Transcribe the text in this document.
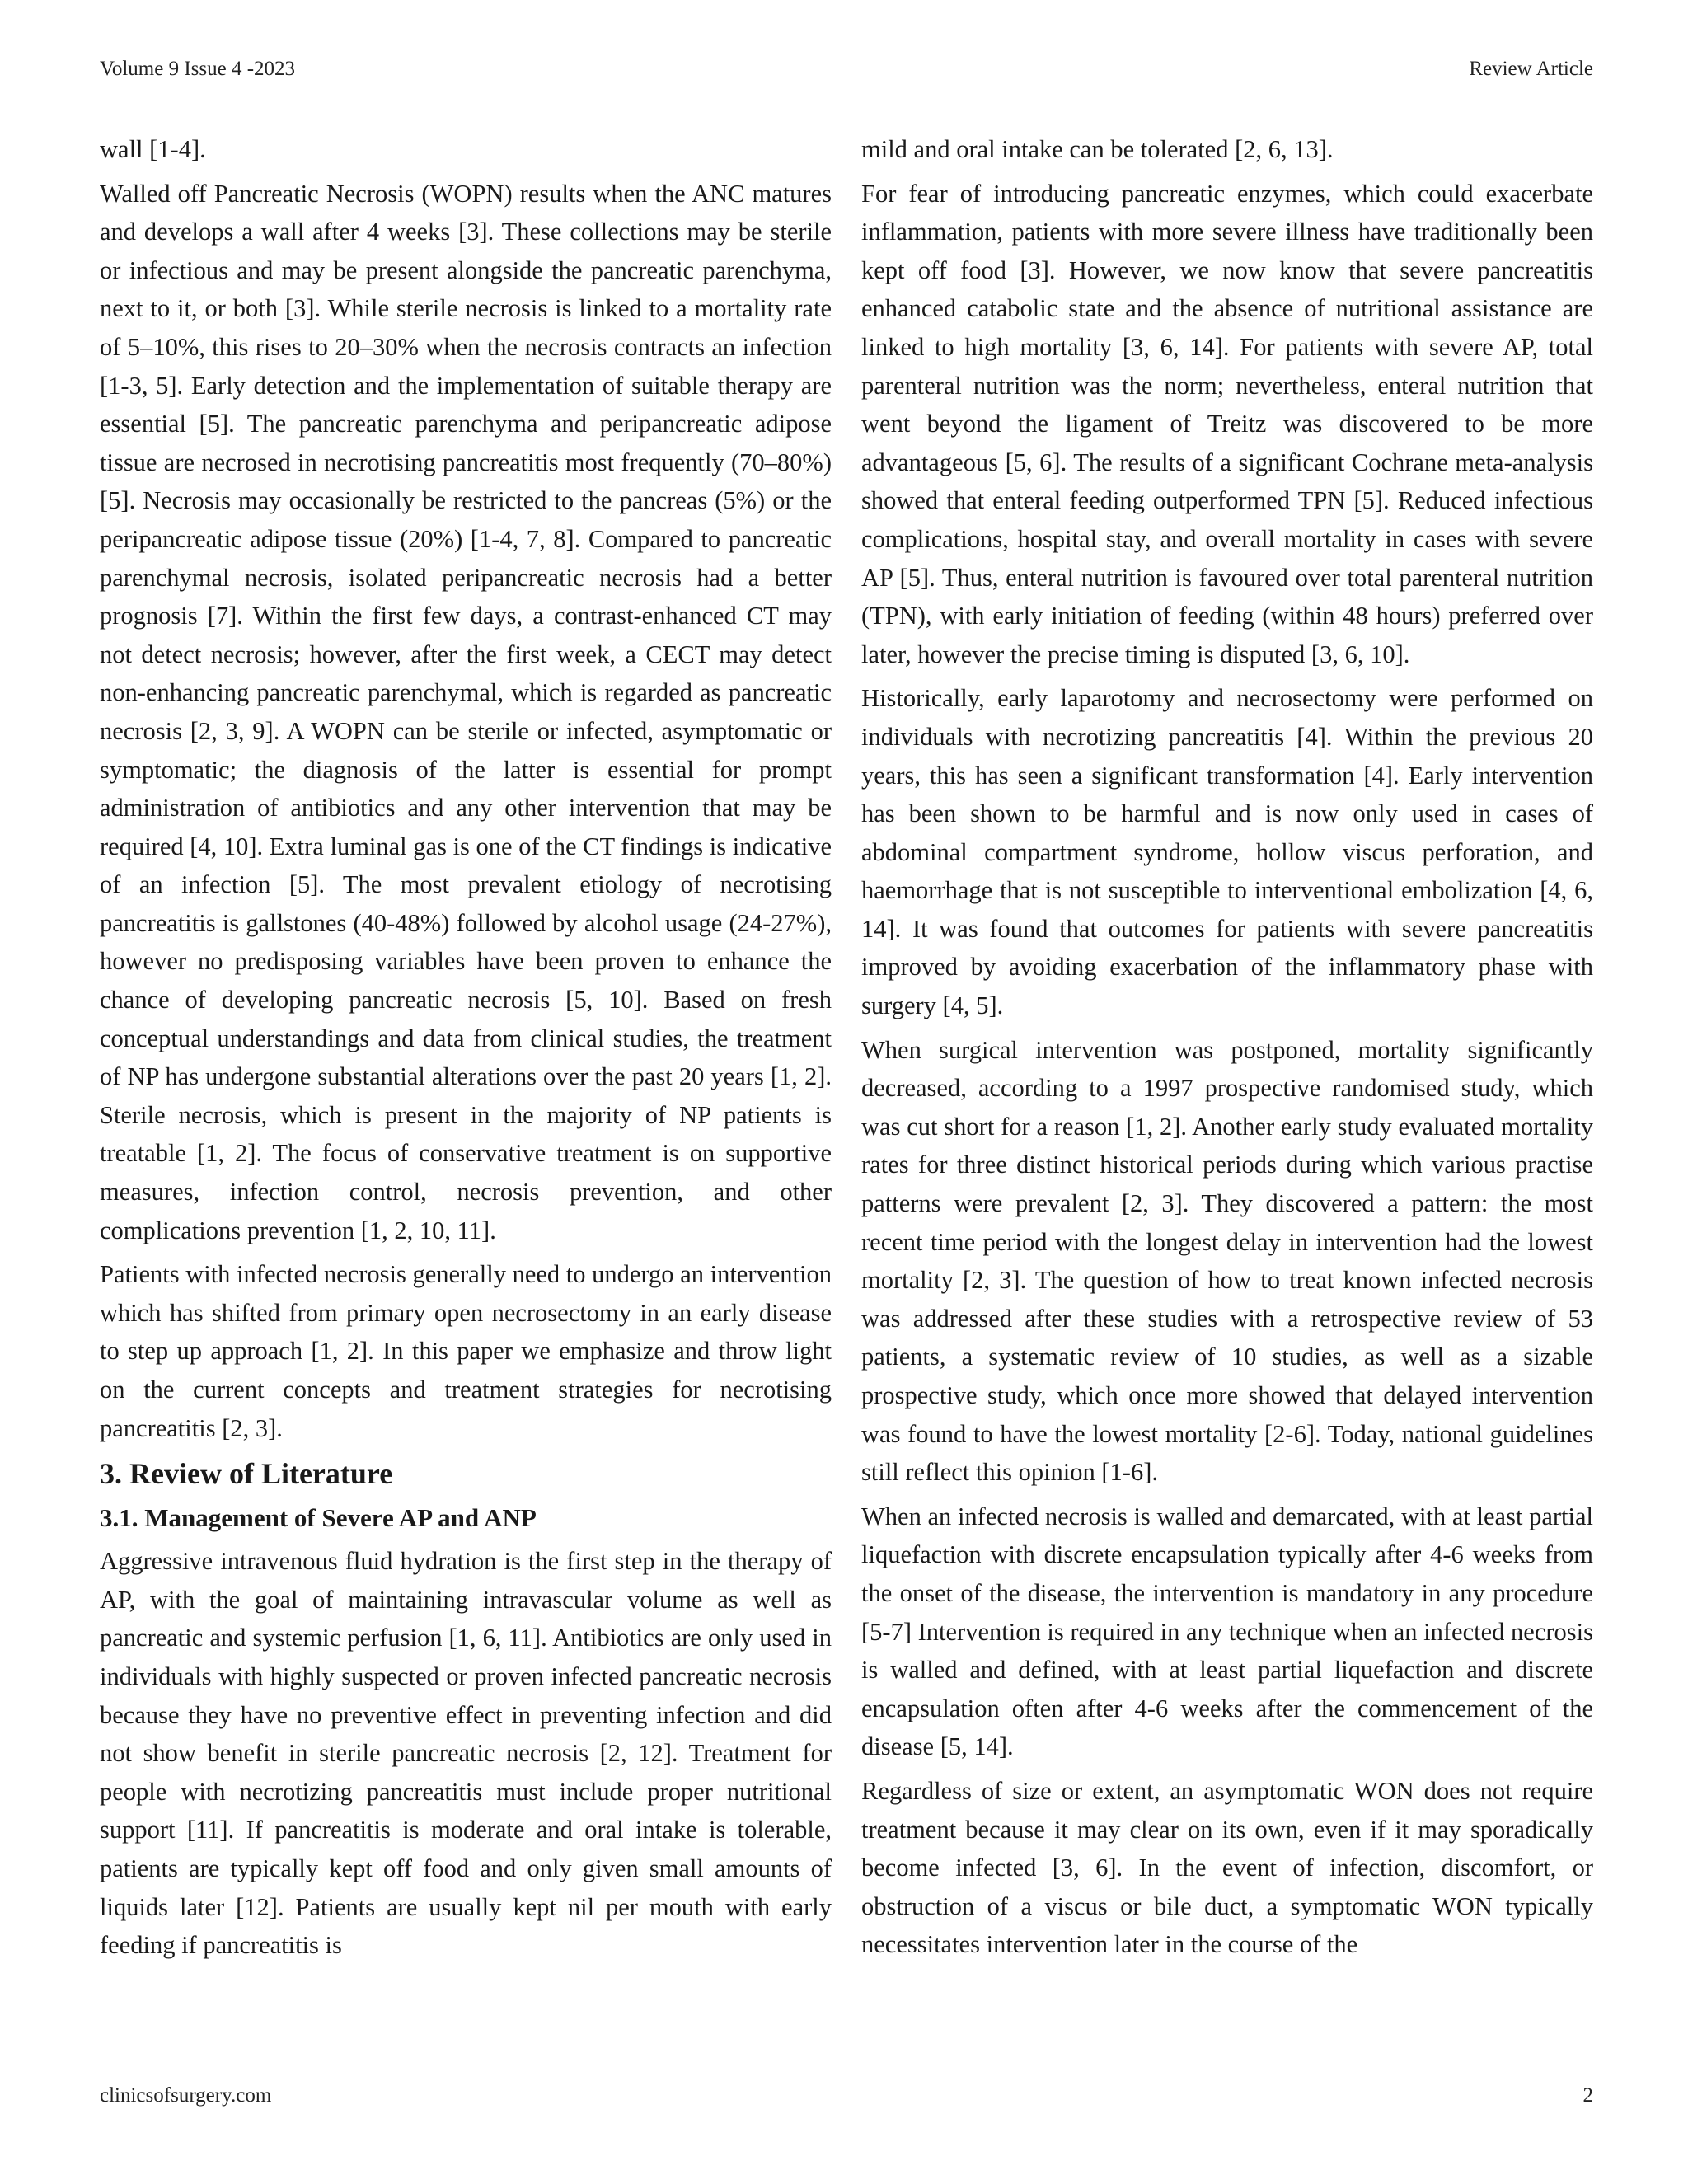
Volume 9 Issue 4 -2023	Review Article

wall [1-4].

Walled off Pancreatic Necrosis (WOPN) results when the ANC matures and develops a wall after 4 weeks [3]. These collections may be sterile or infectious and may be present alongside the pancreatic parenchyma, next to it, or both [3]. While sterile necrosis is linked to a mortality rate of 5–10%, this rises to 20–30% when the necrosis contracts an infection [1-3, 5]. Early detection and the implementation of suitable therapy are essential [5]. The pancreatic parenchyma and peripancreatic adipose tissue are necrosed in necrotising pancreatitis most frequently (70–80%) [5]. Necrosis may occasionally be restricted to the pancreas (5%) or the peripancreatic adipose tissue (20%) [1-4, 7, 8]. Compared to pancreatic parenchymal necrosis, isolated peripancreatic necrosis had a better prognosis [7]. Within the first few days, a contrast-enhanced CT may not detect necrosis; however, after the first week, a CECT may detect non-enhancing pancreatic parenchymal, which is regarded as pancreatic necrosis [2, 3, 9]. A WOPN can be sterile or infected, asymptomatic or symptomatic; the diagnosis of the latter is essential for prompt administration of antibiotics and any other intervention that may be required [4, 10]. Extra luminal gas is one of the CT findings is indicative of an infection [5]. The most prevalent etiology of necrotising pancreatitis is gallstones (40-48%) followed by alcohol usage (24-27%), however no predisposing variables have been proven to enhance the chance of developing pancreatic necrosis [5, 10]. Based on fresh conceptual understandings and data from clinical studies, the treatment of NP has undergone substantial alterations over the past 20 years [1, 2]. Sterile necrosis, which is present in the majority of NP patients is treatable [1, 2]. The focus of conservative treatment is on supportive measures, infection control, necrosis prevention, and other complications prevention [1, 2, 10, 11].

Patients with infected necrosis generally need to undergo an intervention which has shifted from primary open necrosectomy in an early disease to step up approach [1, 2]. In this paper we emphasize and throw light on the current concepts and treatment strategies for necrotising pancreatitis [2, 3].

3. Review of Literature
3.1. Management of Severe AP and ANP

Aggressive intravenous fluid hydration is the first step in the therapy of AP, with the goal of maintaining intravascular volume as well as pancreatic and systemic perfusion [1, 6, 11]. Antibiotics are only used in individuals with highly suspected or proven infected pancreatic necrosis because they have no preventive effect in preventing infection and did not show benefit in sterile pancreatic necrosis [2, 12]. Treatment for people with necrotizing pancreatitis must include proper nutritional support [11]. If pancreatitis is moderate and oral intake is tolerable, patients are typically kept off food and only given small amounts of liquids later [12]. Patients are usually kept nil per mouth with early feeding if pancreatitis is

mild and oral intake can be tolerated [2, 6, 13].

For fear of introducing pancreatic enzymes, which could exacerbate inflammation, patients with more severe illness have traditionally been kept off food [3]. However, we now know that severe pancreatitis enhanced catabolic state and the absence of nutritional assistance are linked to high mortality [3, 6, 14]. For patients with severe AP, total parenteral nutrition was the norm; nevertheless, enteral nutrition that went beyond the ligament of Treitz was discovered to be more advantageous [5, 6]. The results of a significant Cochrane meta-analysis showed that enteral feeding outperformed TPN [5]. Reduced infectious complications, hospital stay, and overall mortality in cases with severe AP [5]. Thus, enteral nutrition is favoured over total parenteral nutrition (TPN), with early initiation of feeding (within 48 hours) preferred over later, however the precise timing is disputed [3, 6, 10].

Historically, early laparotomy and necrosectomy were performed on individuals with necrotizing pancreatitis [4]. Within the previous 20 years, this has seen a significant transformation [4]. Early intervention has been shown to be harmful and is now only used in cases of abdominal compartment syndrome, hollow viscus perforation, and haemorrhage that is not susceptible to interventional embolization [4, 6, 14]. It was found that outcomes for patients with severe pancreatitis improved by avoiding exacerbation of the inflammatory phase with surgery [4, 5].

When surgical intervention was postponed, mortality significantly decreased, according to a 1997 prospective randomised study, which was cut short for a reason [1, 2]. Another early study evaluated mortality rates for three distinct historical periods during which various practise patterns were prevalent [2, 3]. They discovered a pattern: the most recent time period with the longest delay in intervention had the lowest mortality [2, 3]. The question of how to treat known infected necrosis was addressed after these studies with a retrospective review of 53 patients, a systematic review of 10 studies, as well as a sizable prospective study, which once more showed that delayed intervention was found to have the lowest mortality [2-6]. Today, national guidelines still reflect this opinion [1-6].

When an infected necrosis is walled and demarcated, with at least partial liquefaction with discrete encapsulation typically after 4-6 weeks from the onset of the disease, the intervention is mandatory in any procedure [5-7] Intervention is required in any technique when an infected necrosis is walled and defined, with at least partial liquefaction and discrete encapsulation often after 4-6 weeks after the commencement of the disease [5, 14].

Regardless of size or extent, an asymptomatic WON does not require treatment because it may clear on its own, even if it may sporadically become infected [3, 6]. In the event of infection, discomfort, or obstruction of a viscus or bile duct, a symptomatic WON typically necessitates intervention later in the course of the

clinicsofsurgery.com	2
